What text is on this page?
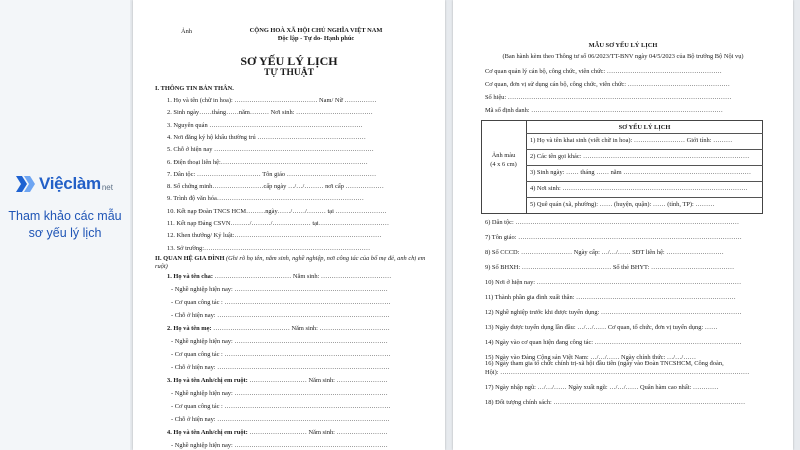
Việclàm net
Tham khảo các mẫu sơ yếu lý lịch
Ảnh	CỘNG HOÀ XÃ HỘI CHỦ NGHĨA VIỆT NAM
Độc lập - Tự do- Hạnh phúc
SƠ YẾU LÝ LỊCH
TỰ THUẬT
I. THÔNG TIN BẢN THÂN.
1. Họ và tên (chữ in hoa): ………………………………… Nam/ Nữ ……………
2. Sinh ngày……tháng……năm……… Nơi sinh: ………………………………
3. Nguyên quán ………………………………………………………………
4. Nơi đăng ký hộ khẩu thường trú ……………………………………………
5. Chỗ ở hiện nay …………………………………………………………………
6. Điện thoại liên hệ:……………………………………………………………
7. Dân tộc: ………………………… Tôn giáo ……………………………………
8. Số chứng minh……………………cấp ngày …/…/……… nơi cấp ………………
9. Trình độ văn hóa……………………………………………………………
10. Kết nạp Đoàn TNCS HCM………ngày……/……/……… tại ……………………
11. Kết nạp Đảng CSVN………/………/……………… tại……………………………
12. Khen thưởng/ Kỷ luật:……………………………………………………………
13. Sở trường:……………………………………………………………………
II. QUAN HỆ GIA ĐÌNH (Ghi rõ họ tên, năm sinh, nghề nghiệp, nơi công tác của bố mẹ đẻ, anh chị em ruột)
1. Họ và tên cha: ……………………………… Năm sinh: ……………………………
- Nghề nghiệp hiện nay: ………………………………………………………………
- Cơ quan công tác : ……………………………………………………………………
- Chỗ ở hiện nay: ………………………………………………………………………
2. Họ và tên mẹ: ……………………………… Năm sinh: ……………………………
- Nghề nghiệp hiện nay: ………………………………………………………………
- Cơ quan công tác : ……………………………………………………………………
- Chỗ ở hiện nay: ………………………………………………………………………
3. Họ và tên Anh/chị em ruột: ……………………… Năm sinh: ……………………
- Nghề nghiệp hiện nay: ………………………………………………………………
- Cơ quan công tác : ……………………………………………………………………
- Chỗ ở hiện nay: ………………………………………………………………………
4. Họ và tên Anh/chị em ruột: ……………………… Năm sinh: ……………………
- Nghề nghiệp hiện nay: ………………………………………………………………
MẪU SƠ YẾU LÝ LỊCH
(Ban hành kèm theo Thông tư số 06/2023/TT-BNV ngày 04/5/2023 của Bộ trưởng Bộ Nội vụ)
Cơ quan quản lý cán bộ, công chức, viên chức: ………………………………………………
Cơ quan, đơn vị sử dụng cán bộ, công chức, viên chức: …………………………………………
Số hiệu: ……………………………………………………………………………………………
Mã số định danh: ………………………………………………………………………………
Ảnh màu
(4 x 6 cm)
SƠ YẾU LÝ LỊCH
1) Họ và tên khai sinh (viết chữ in hoa): …………………… Giới tính: ………
2) Các tên gọi khác: ……………………………………………………………………
3) Sinh ngày: …… tháng …… năm ……………………………………………………
4) Nơi sinh: ……………………………………………………………………………
5) Quê quán (xã, phường): …… (huyện, quận): …… (tỉnh, TP): ………
6) Dân tộc: ……………………………………………………………………………………………
7) Tôn giáo: ……………………………………………………………………………………………
8) Số CCCD: …………………… Ngày cấp: …/…/…… SĐT liên hệ: ………………………
9) Số BHXH: …………………………………… Số thẻ BHYT: …………………………………
10) Nơi ở hiện nay: ……………………………………………………………………………………
11) Thành phần gia đình xuất thân: …………………………………………………………………
12) Nghề nghiệp trước khi được tuyển dụng: …………………………………………………………
13) Ngày được tuyển dụng lần đầu: …/…/…… Cơ quan, tổ chức, đơn vị tuyển dụng: ……
14) Ngày vào cơ quan hiện đang công tác: ……………………………………………………………
15) Ngày vào Đảng Cộng sản Việt Nam: …/…/…… Ngày chính thức: …/…/……
16) Ngày tham gia tổ chức chính trị-xã hội đầu tiên (ngày vào Đoàn TNCSHCM, Công đoàn,
Hội): ………………………………………………………………………………………………………
17) Ngày nhập ngũ: …/…/…… Ngày xuất ngũ: …/…/…… Quân hàm cao nhất: …………
18) Đối tượng chính sách: ………………………………………………………………………………
